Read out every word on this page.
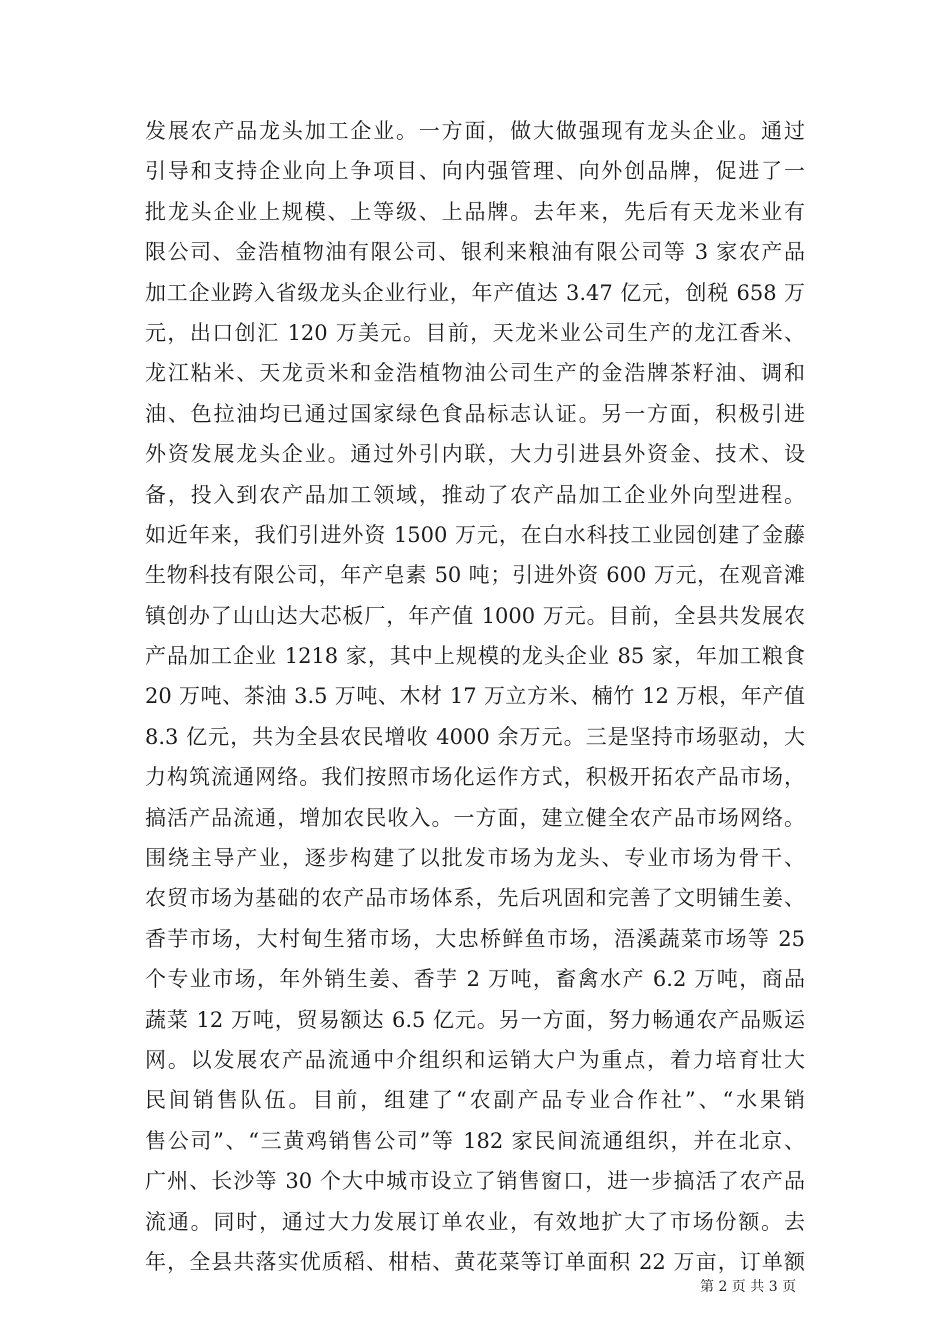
发展农产品龙头加工企业。一方面，做大做强现有龙头企业。通过
引导和支持企业向上争项目、向内强管理、向外创品牌，促进了一
批龙头企业上规模、上等级、上品牌。去年来，先后有天龙米业有
限公司、金浩植物油有限公司、银利来粮油有限公司等 3 家农产品
加工企业跨入省级龙头企业行业，年产值达 3.47 亿元，创税 658 万
元，出口创汇 120 万美元。目前，天龙米业公司生产的龙江香米、
龙江粘米、天龙贡米和金浩植物油公司生产的金浩牌茶籽油、调和
油、色拉油均已通过国家绿色食品标志认证。另一方面，积极引进
外资发展龙头企业。通过外引内联，大力引进县外资金、技术、设
备，投入到农产品加工领域，推动了农产品加工企业外向型进程。
如近年来，我们引进外资 1500 万元，在白水科技工业园创建了金藤
生物科技有限公司，年产皂素 50 吨；引进外资 600 万元，在观音滩
镇创办了山山达大芯板厂，年产值 1000 万元。目前，全县共发展农
产品加工企业 1218 家，其中上规模的龙头企业 85 家，年加工粮食
20 万吨、茶油 3.5 万吨、木材 17 万立方米、楠竹 12 万根，年产值
8.3 亿元，共为全县农民增收 4000 余万元。三是坚持市场驱动，大
力构筑流通网络。我们按照市场化运作方式，积极开拓农产品市场，
搞活产品流通，增加农民收入。一方面，建立健全农产品市场网络。
围绕主导产业，逐步构建了以批发市场为龙头、专业市场为骨干、
农贸市场为基础的农产品市场体系，先后巩固和完善了文明铺生姜、
香芋市场，大村甸生猪市场，大忠桥鲜鱼市场，浯溪蔬菜市场等 25
个专业市场，年外销生姜、香芋 2 万吨，畜禽水产 6.2 万吨，商品
蔬菜 12 万吨，贸易额达 6.5 亿元。另一方面，努力畅通农产品贩运
网。以发展农产品流通中介组织和运销大户为重点，着力培育壮大
民间销售队伍。目前，组建了“农副产品专业合作社”、“水果销
售公司”、“三黄鸡销售公司”等 182 家民间流通组织，并在北京、
广州、长沙等 30 个大中城市设立了销售窗口，进一步搞活了农产品
流通。同时，通过大力发展订单农业，有效地扩大了市场份额。去
年，全县共落实优质稻、柑桔、黄花菜等订单面积 22 万亩，订单额
第 2 页 共 3 页
